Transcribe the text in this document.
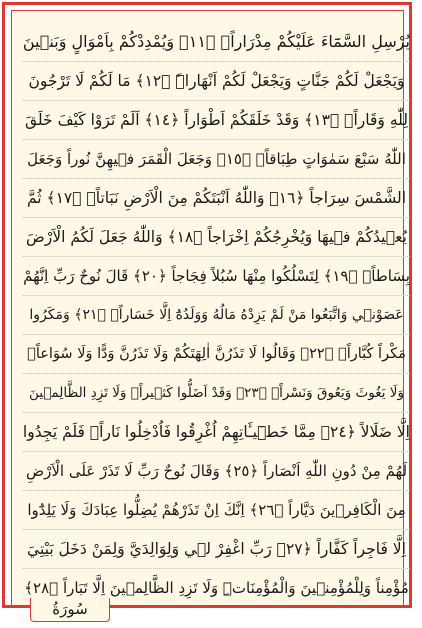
يُرْسِلِ السَّمَٓاءَ عَلَيْكُمْ مِدْرَاراًۙ ﴿١١﴾ وَيُمْدِدْكُمْ بِاَمْوَالٍ وَبَن۪ينَ
وَيَجْعَلْ لَكُمْ جَنَّاتٍ وَيَجْعَلْ لَكُمْ اَنْهَاراًۜ ﴿١٢﴾ مَا لَكُمْ لَا تَرْجُونَ
لِلّٰهِ وَقَاراًۚ ﴿١٣﴾ وَقَدْ خَلَقَكُمْ اَطْوَاراً ﴿١٤﴾ اَلَمْ تَرَوْا كَيْفَ خَلَقَ
اللّٰهُ سَبْعَ سَمٰوَاتٍ طِبَاقاًۙ ﴿١٥﴾ وَجَعَلَ الْقَمَرَ ف۪يهِنَّ نُوراً وَجَعَلَ
الشَّمْسَ سِرَاجاً ﴿١٦﴾ وَاللّٰهُ اَنْبَتَكُمْ مِنَ الْاَرْضِ نَبَاتاًۙ ﴿١٧﴾ ثُمَّ
يُع۪يدُكُمْ ف۪يهَا وَيُخْرِجُكُمْ اِخْرَاجاً ﴿١٨﴾ وَاللّٰهُ جَعَلَ لَكُمُ الْاَرْضَ
بِسَاطاًۙ ﴿١٩﴾ لِتَسْلُكُوا مِنْهَا سُبُلاً فِجَاجاً ﴿٢٠﴾ قَالَ نُوحٌ رَبِّ اِنَّهُمْ
عَصَوْن۪ي وَاتَّبَعُوا مَنْ لَمْ يَزِدْهُ مَالُهُ وَوَلَدُهُٓ اِلَّا خَسَاراًۚ ﴿٢١﴾ وَمَكَرُوا
مَكْراً كُبَّاراًۚ ﴿٢٢﴾ وَقَالُوا لَا تَذَرُنَّ اٰلِهَتَكُمْ وَلَا تَذَرُنَّ وَدًّا وَلَا سُوَاعاًۙ
وَلَا يَغُوثَ وَيَعُوقَ وَنَسْراًۚ ﴿٢٣﴾ وَقَدْ اَضَلُّوا كَث۪يراًۚ وَلَا تَزِدِ الظَّالِم۪ينَ
اِلَّا ضَلَالاً ﴿٢٤﴾ مِمَّا خَط۪ٓيـَٔاتِهِمْ اُغْرِقُوا فَاُدْخِلُوا نَاراًۙ فَلَمْ يَجِدُوا
لَهُمْ مِنْ دُونِ اللّٰهِ اَنْصَاراً ﴿٢٥﴾ وَقَالَ نُوحٌ رَبِّ لَا تَذَرْ عَلَى الْاَرْضِ
مِنَ الْكَافِر۪ينَ دَيَّاراً ﴿٢٦﴾ اِنَّكَ اِنْ تَذَرْهُمْ يُضِلُّوا عِبَادَكَ وَلَا يَلِدُٓوا
اِلَّا فَاجِراً كَفَّاراً ﴿٢٧﴾ رَبِّ اغْفِرْ ل۪ي وَلِوَالِدَيَّ وَلِمَنْ دَخَلَ بَيْتِيَ
مُؤْمِناً وَلِلْمُؤْمِن۪ينَ وَالْمُؤْمِنَاتِۜ وَلَا تَزِدِ الظَّالِم۪ينَ اِلَّا تَبَاراً ﴿٢٨﴾
سُورَةُ
